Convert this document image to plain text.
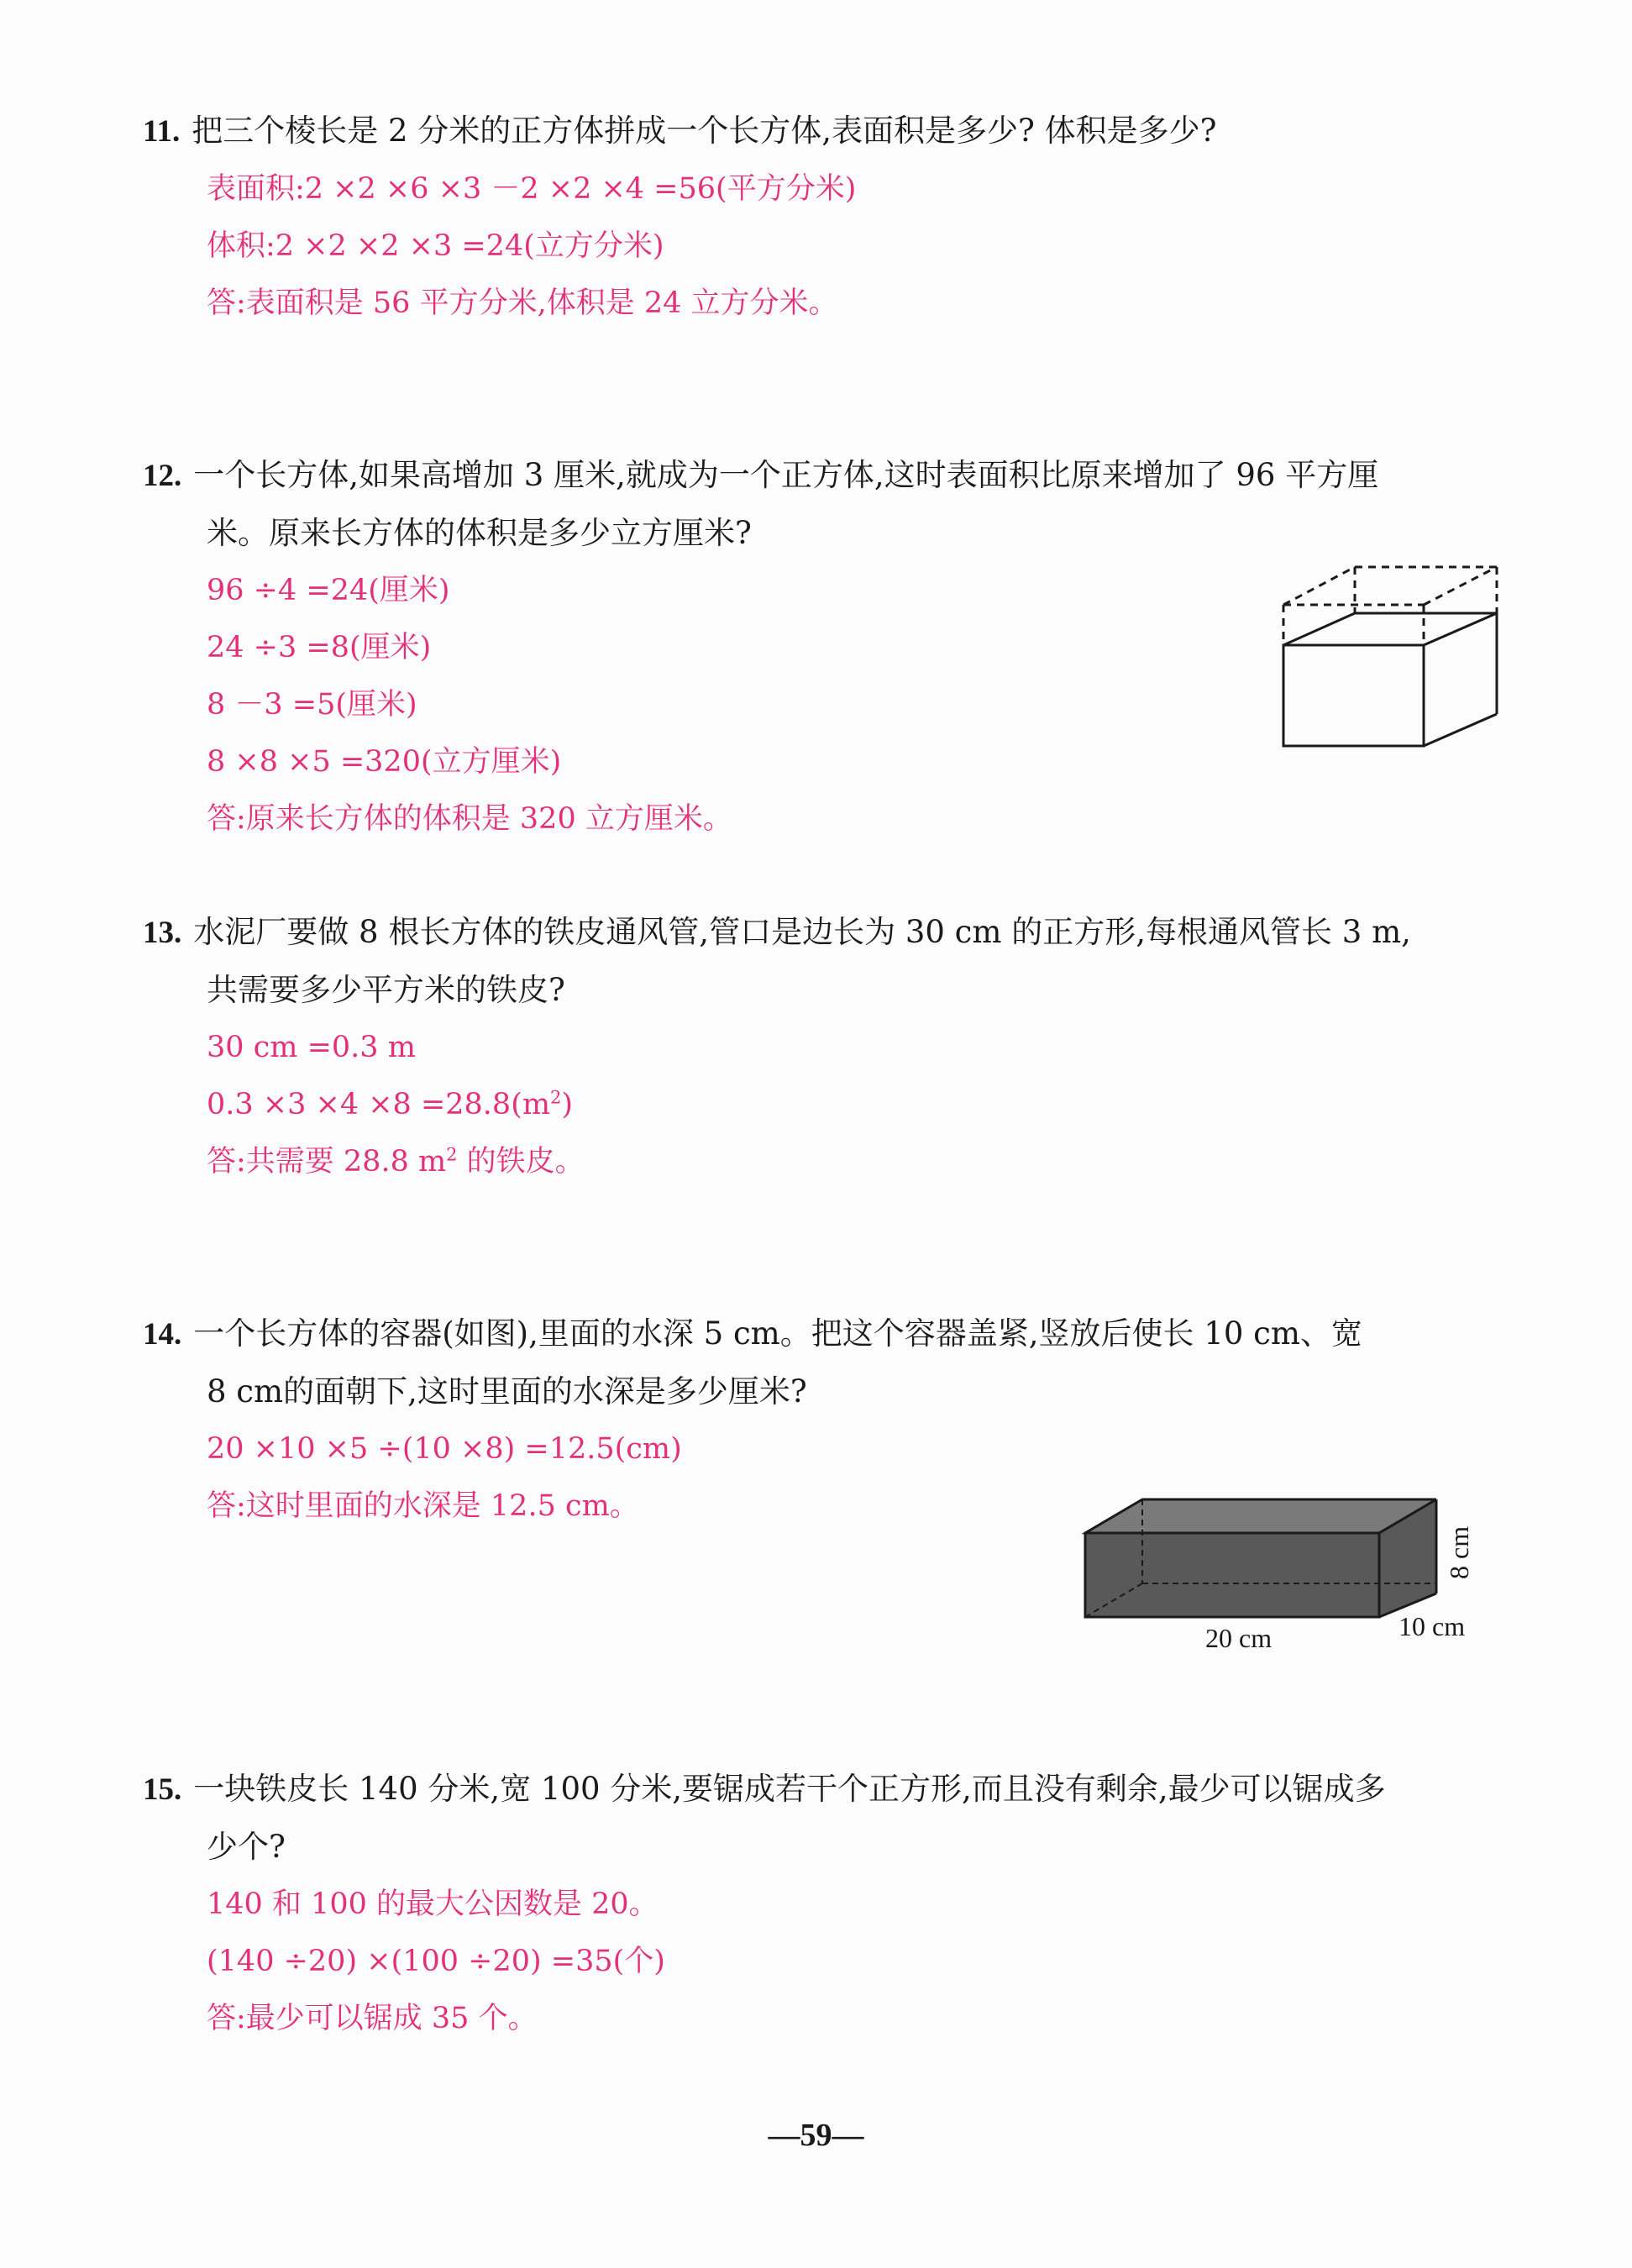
11. 把三个棱长是 2 分米的正方体拼成一个长方体,表面积是多少? 体积是多少?
表面积:2 ×2 ×6 ×3 －2 ×2 ×4 =56(平方分米)
体积:2 ×2 ×2 ×3 =24(立方分米)
答:表面积是 56 平方分米,体积是 24 立方分米。
12. 一个长方体,如果高增加 3 厘米,就成为一个正方体,这时表面积比原来增加了 96 平方厘
米。原来长方体的体积是多少立方厘米?
96 ÷4 =24(厘米)
24 ÷3 =8(厘米)
8 －3 =5(厘米)
8 ×8 ×5 =320(立方厘米)
答:原来长方体的体积是 320 立方厘米。
13. 水泥厂要做 8 根长方体的铁皮通风管,管口是边长为 30 cm 的正方形,每根通风管长 3 m,
共需要多少平方米的铁皮?
30 cm =0.3 m
$0.3 \times 3 \times 4 \times 8 =28.8(m^2)$
答:共需要 28.8 $m^2$ 的铁皮。
14. 一个长方体的容器(如图),里面的水深 5 cm。把这个容器盖紧,竖放后使长 10 cm、宽
8 cm的面朝下,这时里面的水深是多少厘米?
20 ×10 ×5 ÷(10 ×8) =12.5(cm)
答:这时里面的水深是 12.5 cm。
20 cm	10 cm
8 cm
15. 一块铁皮长 140 分米,宽 100 分米,要锯成若干个正方形,而且没有剩余,最少可以锯成多
少个?
140 和 100 的最大公因数是 20。
(140 ÷20) ×(100 ÷20) =35(个)
答:最少可以锯成 35 个。
—59—
